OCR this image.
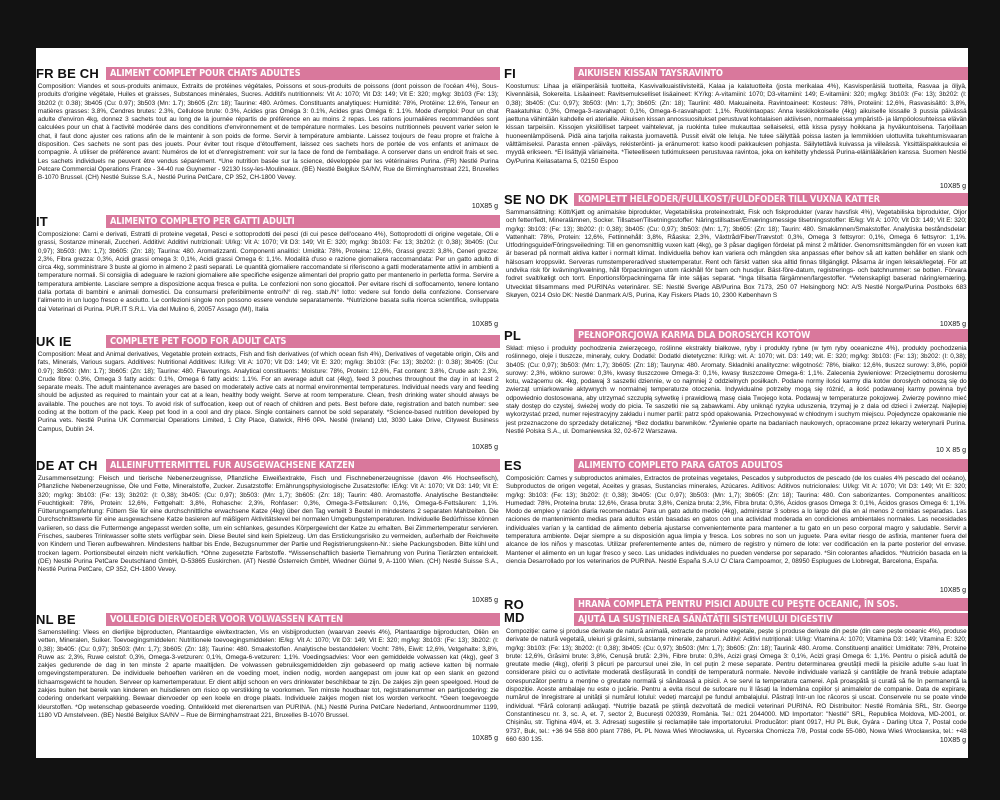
FR BE CH	ALIMENT COMPLET POUR CHATS ADULTES
Composition: Viandes et sous-produits animaux, Extraits de protéines végétales, Poissons et sous-produits de poissons (dont poisson de l'océan 4%), Sous-produits d'origine végétale, Huiles et graisses, Substances minérales, Sucres. Additifs nutritionnels: Vit A: 1070; Vit D3: 149; Vit E: 320; mg/kg: 3b103 (Fe: 13); 3b202 (I: 0.38); 3b405 (Cu: 0.97); 3b503 (Mn: 1.7); 3b605 (Zn: 18); Taurine: 480. Arômes. Constituants analytiques: Humidité: 78%, Protéine: 12.6%, Teneur en matières grasses: 3.8%, Cendres brutes: 2.3%, Cellulose brute: 0.3%, Acides gras Oméga 3: 0.1%, Acides gras Oméga 6: 1.1%. Mode d'emploi: Pour un chat adulte d'environ 4kg, donnez 3 sachets tout au long de la journée répartis de préférence en au moins 2 repas. Les rations journalières recommandées sont calculées pour un chat à l'activité modérée dans des conditions d'environnement et de température normales. Les besoins nutritionnels peuvent varier selon le chat, il faut donc ajuster ces rations afin de le maintenir à son poids de forme. Servir à température ambiante. Laissez toujours de l'eau propre et fraîche à disposition. Ces sachets ne sont pas des jouets. Pour éviter tout risque d'étouffement, laissez ces sachets hors de portée de vos enfants et animaux de compagnie. À utiliser de préférence avant: Numéros de lot et d'enregistrement: voir sur la face de fond de l'emballage. A conserver dans un endroit frais et sec. Les sachets individuels ne peuvent être vendus séparément. *Une nutrition basée sur la science, développée par les vétérinaires Purina. (FR) Nestlé Purina Petcare Commercial Operations France - 34-40 rue Guynemer - 92130 Issy-les-Moulineaux. (BE) Nestlé Belgilux SA/NV, Rue de Birminghamstraat 221, Bruxelles B-1070 Brussel. (CH) Nestlé Suisse S.A., Nestlé Purina PetCare, CP 352, CH-1800 Vevey.
10X85 g
IT	ALIMENTO COMPLETO PER GATTI ADULTI
Composizione: Carni e derivati, Estratti di proteine vegetali, Pesci e sottoprodotti dei pesci (di cui pesce dell'oceano 4%), Sottoprodotti di origine vegetale, Oli e grassi, Sostanze minerali, Zuccheri. Additivi: Additivi nutrizionali: UI/kg: Vit A: 1070; Vit D3: 149; Vit E: 320; mg/kg: 3b103: Fe: 13; 3b202: (I: 0,38); 3b405: (Cu: 0,97); 3b503: (Mn: 1,7); 3b605: (Zn: 18); Taurina: 480. Aromatizzanti. Componenti analitici: Umidità: 78%, Proteina: 12,6%, Grassi grezzi: 3,8%, Ceneri grezze: 2,3%, Fibra grezza: 0,3%, Acidi grassi omega 3: 0,1%, Acidi grassi Omega 6: 1,1%. Modalità d'uso e razione giornaliera raccomandata: Per un gatto adulto di circa 4kg, somministrare 3 buste al giorno in almeno 2 pasti separati. Le quantità giornaliere raccomandate si riferiscono a gatti moderatamente attivi in ambienti a temperature normali. Si consiglia di adeguare le razioni giornaliere alle specifiche esigenze alimentari del proprio gatto per mantenerlo in perfetta forma. Servire a temperatura ambiente. Lasciare sempre a disposizione acqua fresca e pulita. Le confezioni non sono giocattoli. Per evitare rischi di soffocamento, tenere lontano dalla portata di bambini e animali domestici. Da consumarsi preferibilmente entro/N° di reg. stab./N° lotto: vedere sul fondo della confezione. Conservare l'alimento in un luogo fresco e asciutto. Le confezioni singole non possono essere vendute separatamente. *Nutrizione basata sulla ricerca scientifica, sviluppata dai Veterinari di Purina. PUR.IT S.R.L. Via del Mulino 6, 20057 Assago (MI), Italia
10X85 g
UK IE	COMPLETE PET FOOD FOR ADULT CATS
Composition: Meat and Animal derivatives, Vegetable protein extracts, Fish and fish derivatives (of which ocean fish 4%), Derivatives of vegetable origin, Oils and fats, Minerals, Various sugars. Additives: Nutritional Additives: IU/kg: Vit A: 1070; Vit D3: 149; Vit E: 320; mg/kg: 3b103: (Fe: 13); 3b202: (I: 0.38); 3b405: (Cu: 0.97); 3b503: (Mn: 1.7); 3b605: (Zn: 18); Taurine: 480. Flavourings. Analytical constituents: Moisture: 78%, Protein: 12.6%, Fat content: 3.8%, Crude ash: 2.3%, Crude fibre: 0.3%, Omega 3 fatty acids: 0.1%, Omega 6 fatty acids: 1.1%. For an average adult cat (4kg), feed 3 pouches throughout the day in at least 2 separate meals. The adult maintenance averages are based on moderately active cats at normal environmental temperatures. Individual needs vary and feeding should be adjusted as required to maintain your cat at a lean, healthy body weight. Serve at room temperature. Clean, fresh drinking water should always be available. The pouches are not toys. To avoid risk of suffocation, keep out of reach of children and pets. Best before date, registration and batch number: see coding at the bottom of the pack. Keep pet food in a cool and dry place. Single containers cannot be sold separately. *Science-based nutrition developed by Purina vets. Nestlé Purina UK Commercial Operations Limited, 1 City Place, Gatwick, RH6 0PA. Nestlé (Ireland) Ltd, 3030 Lake Drive, Citywest Business Campus, Dublin 24.
10X85 g
DE AT CH	ALLEINFUTTERMITTEL FÜR AUSGEWACHSENE KATZEN
Zusammensetzung: Fleisch und tierische Nebenerzeugnisse, Pflanzliche Eiweißextrakte, Fisch und Fischnebenerzeugnisse (davon 4% Hochseefisch), Pflanzliche Nebenerzeugnisse, Öle und Fette, Mineralstoffe, Zucker. Zusatzstoffe: Ernährungsphysiologische Zusatzstoffe: IE/kg: Vit A: 1070; Vit D3: 149; Vit E: 320; mg/kg: 3b103: (Fe: 13); 3b202: (I: 0,38); 3b405: (Cu: 0,97); 3b503: (Mn: 1,7); 3b605: (Zn: 18); Taurin: 480. Aromastoffe. Analytische Bestandteile: Feuchtigkeit: 78%, Protein: 12,6%, Fettgehalt: 3,8%, Rohasche: 2,3%, Rohfaser: 0,3%, Omega-3-Fettsäuren: 0,1%, Omega-6-Fettsäuren: 1,1%. Fütterungsempfehlung: Füttern Sie für eine durchschnittliche erwachsene Katze (4kg) über den Tag verteilt 3 Beutel in mindestens 2 separaten Mahlzeiten. Die Durchschnittswerte für eine ausgewachsene Katze basieren auf mäßigem Aktivitätslevel bei normalen Umgebungstemperaturen. Individuelle Bedürfnisse können variieren, so dass die Futtermenge angepasst werden sollte, um ein schlankes, gesundes Körpergewicht der Katze zu erhalten. Bei Zimmertemperatur servieren. Frisches, sauberes Trinkwasser sollte stets verfügbar sein. Diese Beutel sind kein Spielzeug. Um das Erstickungsrisiko zu vermeiden, außerhalb der Reichweite von Kindern und Tieren aufbewahren. Mindestens haltbar bis Ende, Bezugsnummer der Partie und Registrierungskenn-Nr.: siehe Packungsboden. Bitte kühl und trocken lagern. Portionsbeutel einzeln nicht verkäuflich. *Ohne zugesetzte Farbstoffe. *Wissenschaftlich basierte Tiernahrung von Purina Tierärzten entwickelt. (DE) Nestlé Purina PetCare Deutschland GmbH, D-53865 Euskirchen. (AT) Nestlé Österreich GmbH, Wiedner Gürtel 9, A-1100 Wien. (CH) Nestlé Suisse S.A., Nestlé Purina PetCare, CP 352, CH-1800 Vevey.
10X85 g
NL BE	VOLLEDIG DIERVOEDER VOOR VOLWASSEN KATTEN
Samenstelling: Vlees en dierlijke bijproducten, Plantaardige eiwitextracten, Vis en visbijproducten (waarvan zeevis 4%), Plantaardige bijproducten, Oliën en vetten, Mineralen, Suiker. Toevoegingsmiddelen: Nutritionele toevoegingsmiddelen: IE/kg: Vit A: 1070; Vit D3: 149; Vit E: 320; mg/kg: 3b103: (Fe: 13); 3b202: (I: 0,38); 3b405: (Cu: 0,97); 3b503: (Mn: 1,7); 3b605: (Zn: 18); Taurine: 480. Smaakstoffen. Analytische bestanddelen: Vocht: 78%, Eiwit: 12,6%, Vetgehalte: 3,8%, Ruwe as: 2,3%, Ruwe celstof: 0,3%, Omega-3-vetzuren: 0,1%, Omega-6-vetzuren: 1,1%. Voedingsadvies: Voor een gemiddelde volwassen kat (4kg), geef 3 zakjes gedurende de dag in ten minste 2 aparte maaltijden. De volwassen gebruiksgemiddelden zijn gebaseerd op matig actieve katten bij normale omgevingstemperaturen. De individuele behoeften variëren en de voeding moet, indien nodig, worden aangepast om jouw kat op een slank en gezond lichaamsgewicht te houden. Serveer op kamertemperatuur. Er dient altijd schoon en vers drinkwater beschikbaar te zijn. De zakjes zijn geen speelgoed. Houd de zakjes buiten het bereik van kinderen en huisdieren om risico op verstikking te voorkomen. Ten minste houdbaar tot, registratienummer en partijcodering: zie codering onderkant verpakking. Bewaar diervoeder op een koele en droge plaats. Individuele zakjes mogen niet los worden verkocht. *Geen toegevoegde kleurstoffen. *Op wetenschap gebaseerde voeding. Ontwikkeld met dierenartsen van PURINA. (NL) Nestlé Purina PetCare Nederland, Antwoordnummer 1199, 1180 VD Amstelveen. (BE) Nestlé Belgilux SA/NV – Rue de Birminghamstraat 221, Bruxelles B-1070 Brussel.
10X85 g
FI	AIKUISEN KISSAN TÄYSRAVINTO
Koostumus: Lihaa ja eläinperäisiä tuotteita, Kasvivalkuaistiivisteitä, Kalaa ja kalatuotteita (josta merikalaa 4%), Kasvisperäisiä tuotteita, Rasvaa ja öljyä, Kivennäisiä, Sokereita. Lisäaineet: Ravitsemukselliset lisäaineet: KY/kg: A-vitamiini: 1070; D3-vitamiini: 149; E-vitamiini: 320; mg/kg: 3b103: (Fe: 13); 3b202: (I: 0,38); 3b405: (Cu: 0,97); 3b503: (Mn: 1,7); 3b605: (Zn: 18); Tauriini: 480. Makuaineita. Ravintoaineet: Kosteus: 78%, Proteiini: 12,6%, Rasvasisältö: 3,8%, Raakatuhka: 0,3%, Omega-3-rasvahapot: 0,1%, Omega-6-rasvahapot: 1,1%. Ruokintaopas: Anna keskikokoiselle (4kg) aikuiselle kissalle 3 pussia päivässä jaettuna vähintään kahdelle eri aterialle. Aikuisen kissan annossuositukset perustuvat kohtalaisen aktiivisen, normaaleissa ympäristö- ja lämpöolosuhteissa elävän kissan tarpeisiin. Kissojen yksilölliset tarpeet vaihtelevat, ja ruokinta tulee mukauttaa sellaiseksi, että kissa pysyy hoikkana ja hyväkuntoisena. Tarjoillaan huoneenlämpöisenä. Pidä aina tarjolla raikasta juomavettä. Pussit eivät ole leluja. Ne tulee säilyttää poissa lasten ja lemmikkien ulottuvilta tukehtumisvaaran välttämiseksi. Parasta ennen -päiväys, rekisteröinti- ja eränumerot: katso koodi pakkauksen pohjasta. Säilytettävä kuivassa ja viileässä. Yksittäispakkauksia ei myydä erikseen. *Ei lisättyjä väriaineita. *Tieteelliseen tutkimukseen perustuvaa ravintoa, joka on kehitetty yhdessä Purina-eläinlääkärien kanssa. Suomen Nestlé Oy/Purina Keilasatama 5, 02150 Espoo
10X85 g
SE NO DK	KOMPLETT HELFODER/FULLKOST/FULDFODER TILL VUXNA KATTER
Sammansättning: Kött/Kjøtt og animalske biprodukter, Vegetabiliska proteinextrakt, Fisk och fiskprodukter (varav havsfisk 4%), Vegetabiliska biprodukter, Oljor och fetter/fedt, Mineralämnen, Socker. Tillsatser/Tilsetningsstoffer: Näringstillsatser/Ernæringsmessige tilsetningsstoffer: IE/kg: Vit A: 1070; Vit D3: 149; Vit E: 320; mg/kg: 3b103: (Fe: 13); 3b202: (I: 0,38); 3b405: (Cu: 0,97); 3b503: (Mn: 1,7); 3b605: (Zn: 18); Taurin: 480. Smakämnen/Smakstoffer. Analytiska beståndsdelar: Vattenhalt: 78%, Protein: 12,6%, Fettinnehåll: 3,8%, Råaska: 2,3%, Växttråd/Fiber/Trævstof: 0,3%, Omega 3 fettsyror: 0,1%, Omega 6 fettsyror: 1,1%. Utfodringsguide/Fôringsveiledning: Till en genomsnittlig vuxen katt (4kg), ge 3 påsar dagligen fördelat på minst 2 måltider. Genomsnittsmängden för en vuxen katt är baserad på normalt aktiva katter i normalt klimat. Individuella behov kan variera och mängden ska anpassas efter behov så att katten behåller en slank och hälsosam kroppsvikt. Serveras rumstempererad/ved stuetemperatur. Rent och färskt vatten ska alltid finnas tillgängligt. Påsarna är ingen leksak/legetøj. För att undvika risk för kvävning/kvælning, håll förpackningen utom räckhåll för barn och husdjur. Bäst-före-datum, registrerings- och batchnummer: se botten. Förvara fodret svalt/køligt och torrt. Enportionsförpackningarna får inte säljas separat. *Inga tillsatta färgämnen/fargestoffer. *Vetenskapligt baserad näring/ernæring. Utvecklat tillsammans med PURINAs veterinärer. SE: Nestlé Sverige AB/Purina Box 7173, 250 07 Helsingborg NO: A/S Nestlé Norge/Purina Postboks 683 Skøyen, 0214 Oslo DK: Nestlé Danmark A/S, Purina, Kay Fiskers Plads 10, 2300 København S
10X85 g
PL	PEŁNOPORCJOWA KARMA DLA DOROSŁYCH KOTÓW
Skład: mięso i produkty pochodzenia zwierzęcego, roślinne ekstrakty białkowe, ryby i produkty rybne (w tym ryby oceaniczne 4%), produkty pochodzenia roślinnego, oleje i tłuszcze, minerały, cukry. Dodatki: Dodatki dietetyczne: IU/kg: wit. A: 1070; wit. D3: 149; wit. E: 320; mg/kg: 3b103: (Fe: 13); 3b202: (I: 0,38); 3b405: (Cu: 0,97); 3b503: (Mn: 1,7); 3b605: (Zn: 18); Tauryna: 480. Aromaty. Składniki analityczne: wilgotność: 78%, białko: 12,6%, tłuszcz surowy: 3,8%, popiół surowy: 2,3%, włókno surowe: 0,3%, kwasy tłuszczowe Omega-3: 0,1%, kwasy tłuszczowe Omega-6: 1,1%. Zalecenia żywieniowe: Przeciętnemu dorosłemu kotu, ważącemu ok. 4kg, podawaj 3 saszetki dziennie, w co najmniej 2 oddzielnych posiłkach. Podane normy ilości karmy dla kotów dorosłych odnoszą się do zwierząt umiarkowanie aktywnych w normalnej temperaturze otoczenia. Indywidualne potrzeby mogą się różnić, a ilość podawanej karmy powinna być odpowiednio dostosowana, aby utrzymać szczupłą sylwetkę i prawidłową masę ciała Twojego kota. Podawaj w temperaturze pokojowej. Zwierzę powinno mieć stały dostęp do czystej, świeżej wody do picia. Te saszetki nie są zabawkami. Aby uniknąć ryzyka uduszenia, trzymaj je z dala od dzieci i zwierząt. Najlepiej wykorzystać przed, numer rejestracyjny zakładu i numer partii: patrz spód opakowania. Przechowywać w chłodnym i suchym miejscu. Pojedyncze opakowanie nie jest przeznaczone do sprzedaży detalicznej. *Bez dodatku barwników. *Żywienie oparte na badaniach naukowych, opracowane przez lekarzy weterynarii Purina. Nestlé Polska S.A., ul. Domaniewska 32, 02-672 Warszawa.
10 X 85 g
ES	ALIMENTO COMPLETO PARA GATOS ADULTOS
Composición: Carnes y subproductos animales, Extractos de proteínas vegetales, Pescados y subproductos de pescado (de los cuales 4% pescado del océano), Subproductos de origen vegetal, Aceites y grasas, Sustancias minerales, Azúcares. Aditivos: Aditivos nutricionales: UI/kg: Vit A: 1070; Vit D3: 149; Vit E: 320; mg/kg: 3b103: (Fe: 13); 3b202: (I: 0,38); 3b405: (Cu: 0,97); 3b503: (Mn: 1,7); 3b605: (Zn: 18); Taurina: 480. Con saborizantes. Componentes analíticos: Humedad: 78%, Proteína bruta: 12,6%, Grasa bruta: 3,8%, Ceniza bruta: 2,3%, Fibra bruta: 0,3%, Ácidos grasos Omega 3: 0,1%, Ácidos grasos Omega 6: 1,1%. Modo de empleo y ración diaria recomendada: Para un gato adulto medio (4kg), administrar 3 sobres a lo largo del día en al menos 2 comidas separadas. Las raciones de mantenimiento medias para adultos están basadas en gatos con una actividad moderada en condiciones ambientales normales. Las necesidades individuales varían y la cantidad de alimento debería ajustarse convenientemente para mantener a tu gato en un peso corporal magro y saludable. Servir a temperatura ambiente. Dejar siempre a su disposición agua limpia y fresca. Los sobres no son un juguete. Para evitar riesgo de asfixia, mantener fuera del alcance de los niños y mascotas. Utilizar preferentemente antes de, número de registro y número de lote: ver codificación en la parte posterior del envase. Mantener el alimento en un lugar fresco y seco. Las unidades individuales no pueden venderse por separado. *Sin colorantes añadidos. *Nutrición basada en la ciencia Desarrollado por los veterinarios de PURINA. Nestlé España S.A.U C/ Clara Campoamor, 2, 08950 Esplugues de Llobregat, Barcelona, España.
10X85 g
RO
MD
HRANĂ COMPLETĂ PENTRU PISICI ADULTE CU PEȘTE OCEANIC, ÎN SOS.
AJUTĂ LA SUSȚINEREA SĂNĂTĂȚII SISTEMULUI DIGESTIV
Compoziție: carne și produse derivate de natură animală, extracte de proteine vegetale, pește și produse derivate din pește (din care pește oceanic 4%), produse derivate de natură vegetală, uleiuri și grăsimi, substanțe minerale, zaharuri. Aditivi: Aditivi nutriționali: UI/kg: Vitamina A: 1070; Vitamina D3: 149; Vitamina E: 320; mg/kg: 3b103: (Fe: 13); 3b202: (I: 0,38); 3b405: (Cu: 0,97); 3b503: (Mn: 1,7); 3b605: (Zn: 18); Taurină: 480. Arome. Constituenți analitici: Umiditate: 78%, Proteine brute: 12,6%, Grăsimi brute: 3,8%, Cenușă brută: 2,3%, Fibre brute: 0,3%, Acizi grași Omega 3: 0,1%, Acizi grași Omega 6: 1,1%. Pentru o pisică adultă de greutate medie (4kg), oferiți 3 plicuri pe parcursul unei zile, în cel puțin 2 mese separate. Pentru determinarea greutății medii la pisicile adulte s-au luat în considerare pisici cu o activitate moderată desfășurată în condiții de temperatură normale. Nevoile individuale variază și cantitățile de hrană trebuie adaptate corespunzător pentru a menține o greutate normală și sănătoasă a pisicii. A se servi la temperatura camerei. Apă proaspătă și curată să fie în permanență la dispoziție. Aceste ambalaje nu este o jucărie. Pentru a evita riscul de sufocare nu îl lăsați la îndemâna copiilor și animalelor de companie. Data de expirare, numărul de înregistrare al unității și numărul lotului: vedeți marcajul pe fundul ambalajului. Păstrați într-un loc răcoros și uscat. Conservele nu se poate vinde individual. *Fără coloranți adăugați. *Nutriție bazată pe știință dezvoltată de medicii veterinari PURINA. RO Distribuitor: Nestlé România SRL, Str. George Constantinescu nr. 3, sc. A, et. 7, sector 2, București 020339, România. Tel.: 021 2044000. MD Importator: "Nestlé" SRL, Republica Moldova, MD-2001, or. Chișinău, str. Tighina 49/4, et. 3. Adresați sugestiile și reclamațiile tale importatorului. Producător: plant 0917, HU PL Buk, Gyára - Darling Utca 7, Postal code 9737, Buk, tel.: +36 94 558 800 plant 7786, PL PL Nowa Wieś Wrocławska, ul. Rycerska Chomicza 7/8, Postal code 55-080, Nowa Wieś Wrocławska, tel.: +48 660 630 135.	10X85 g
